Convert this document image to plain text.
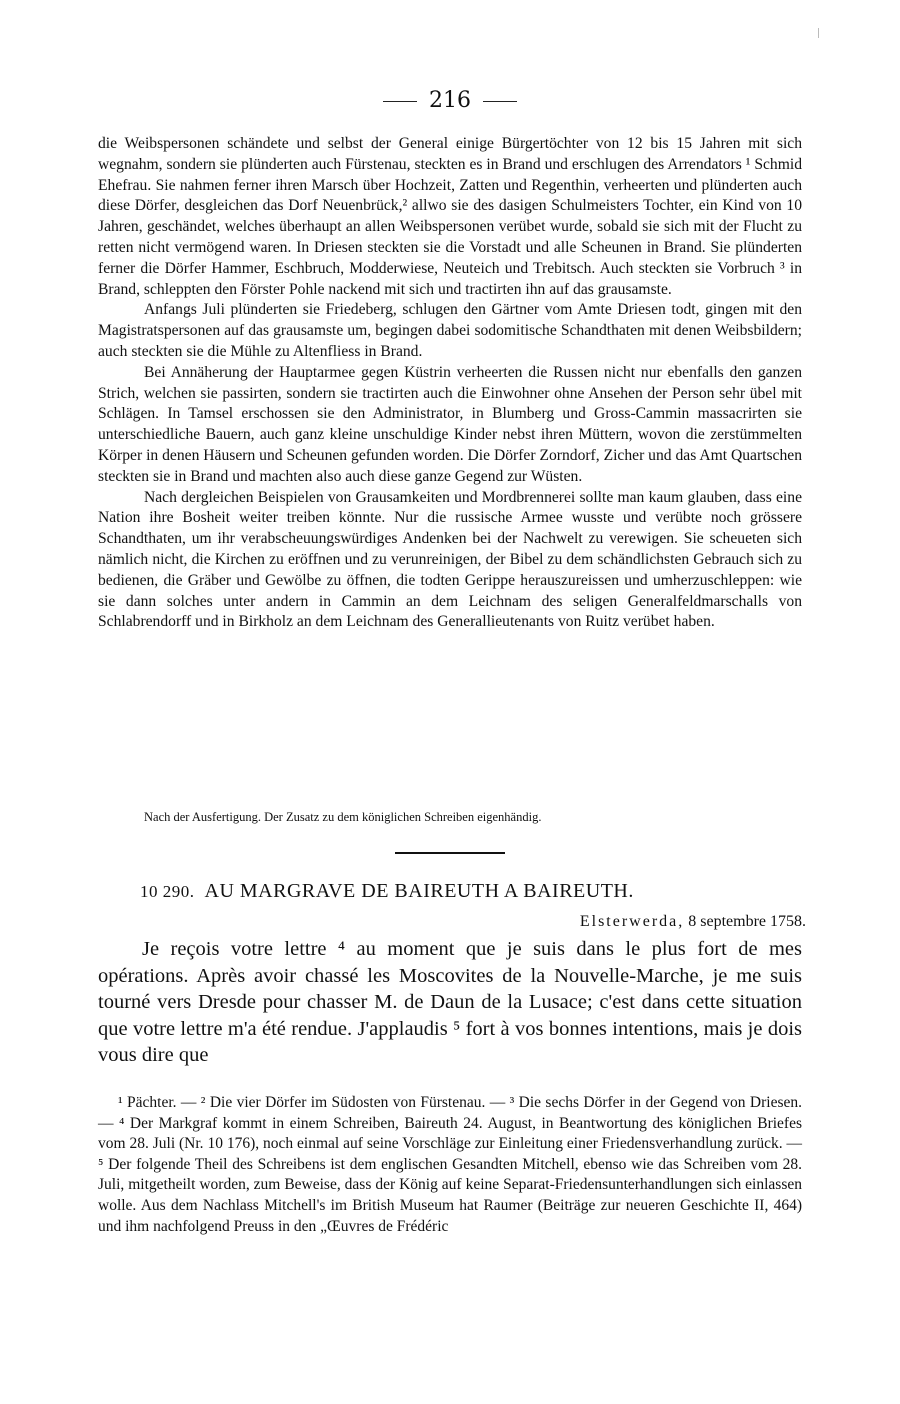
216

die Weibspersonen schändete und selbst der General einige Bürgertöchter von 12 bis 15 Jahren mit sich wegnahm, sondern sie plünderten auch Fürstenau, steckten es in Brand und erschlugen des Arrendators ¹ Schmid Ehefrau. Sie nahmen ferner ihren Marsch über Hochzeit, Zatten und Regenthin, verheerten und plünderten auch diese Dörfer, desgleichen das Dorf Neuenbrück,² allwo sie des dasigen Schulmeisters Tochter, ein Kind von 10 Jahren, geschändet, welches überhaupt an allen Weibspersonen verübet wurde, sobald sie sich mit der Flucht zu retten nicht vermögend waren. In Driesen steckten sie die Vorstadt und alle Scheunen in Brand. Sie plünderten ferner die Dörfer Hammer, Eschbruch, Modderwiese, Neuteich und Trebitsch. Auch steckten sie Vorbruch ³ in Brand, schleppten den Förster Pohle nackend mit sich und tractirten ihn auf das grausamste.

Anfangs Juli plünderten sie Friedeberg, schlugen den Gärtner vom Amte Driesen todt, gingen mit den Magistratspersonen auf das grausamste um, begingen dabei sodomitische Schandthaten mit denen Weibsbildern; auch steckten sie die Mühle zu Altenfliess in Brand.

Bei Annäherung der Hauptarmee gegen Küstrin verheerten die Russen nicht nur ebenfalls den ganzen Strich, welchen sie passirten, sondern sie tractirten auch die Einwohner ohne Ansehen der Person sehr übel mit Schlägen. In Tamsel erschossen sie den Administrator, in Blumberg und Gross-Cammin massacrirten sie unterschiedliche Bauern, auch ganz kleine unschuldige Kinder nebst ihren Müttern, wovon die zerstümmelten Körper in denen Häusern und Scheunen gefunden worden. Die Dörfer Zorndorf, Zicher und das Amt Quartschen steckten sie in Brand und machten also auch diese ganze Gegend zur Wüsten.

Nach dergleichen Beispielen von Grausamkeiten und Mordbrennerei sollte man kaum glauben, dass eine Nation ihre Bosheit weiter treiben könnte. Nur die russische Armee wusste und verübte noch grössere Schandthaten, um ihr verabscheuungswürdiges Andenken bei der Nachwelt zu verewigen. Sie scheueten sich nämlich nicht, die Kirchen zu eröffnen und zu verunreinigen, der Bibel zu dem schändlichsten Gebrauch sich zu bedienen, die Gräber und Gewölbe zu öffnen, die todten Gerippe herauszureissen und umherzuschleppen: wie sie dann solches unter andern in Cammin an dem Leichnam des seligen Generalfeldmarschalls von Schlabrendorff und in Birkholz an dem Leichnam des Generallieutenants von Ruitz verübet haben.

Nach der Ausfertigung. Der Zusatz zu dem königlichen Schreiben eigenhändig.
10 290. AU MARGRAVE DE BAIREUTH A BAIREUTH.
Elsterwerda, 8 septembre 1758.
Je reçois votre lettre ⁴ au moment que je suis dans le plus fort de mes opérations. Après avoir chassé les Moscovites de la Nouvelle-Marche, je me suis tourné vers Dresde pour chasser M. de Daun de la Lusace; c'est dans cette situation que votre lettre m'a été rendue. J'applaudis ⁵ fort à vos bonnes intentions, mais je dois vous dire que
¹ Pächter. — ² Die vier Dörfer im Südosten von Fürstenau. — ³ Die sechs Dörfer in der Gegend von Driesen. — ⁴ Der Markgraf kommt in einem Schreiben, Baireuth 24. August, in Beantwortung des königlichen Briefes vom 28. Juli (Nr. 10 176), noch einmal auf seine Vorschläge zur Einleitung einer Friedensverhandlung zurück. — ⁵ Der folgende Theil des Schreibens ist dem englischen Gesandten Mitchell, ebenso wie das Schreiben vom 28. Juli, mitgetheilt worden, zum Beweise, dass der König auf keine Separat-Friedensunterhandlungen sich einlassen wolle. Aus dem Nachlass Mitchell's im British Museum hat Raumer (Beiträge zur neueren Geschichte II, 464) und ihm nachfolgend Preuss in den „Œuvres de Frédéric
